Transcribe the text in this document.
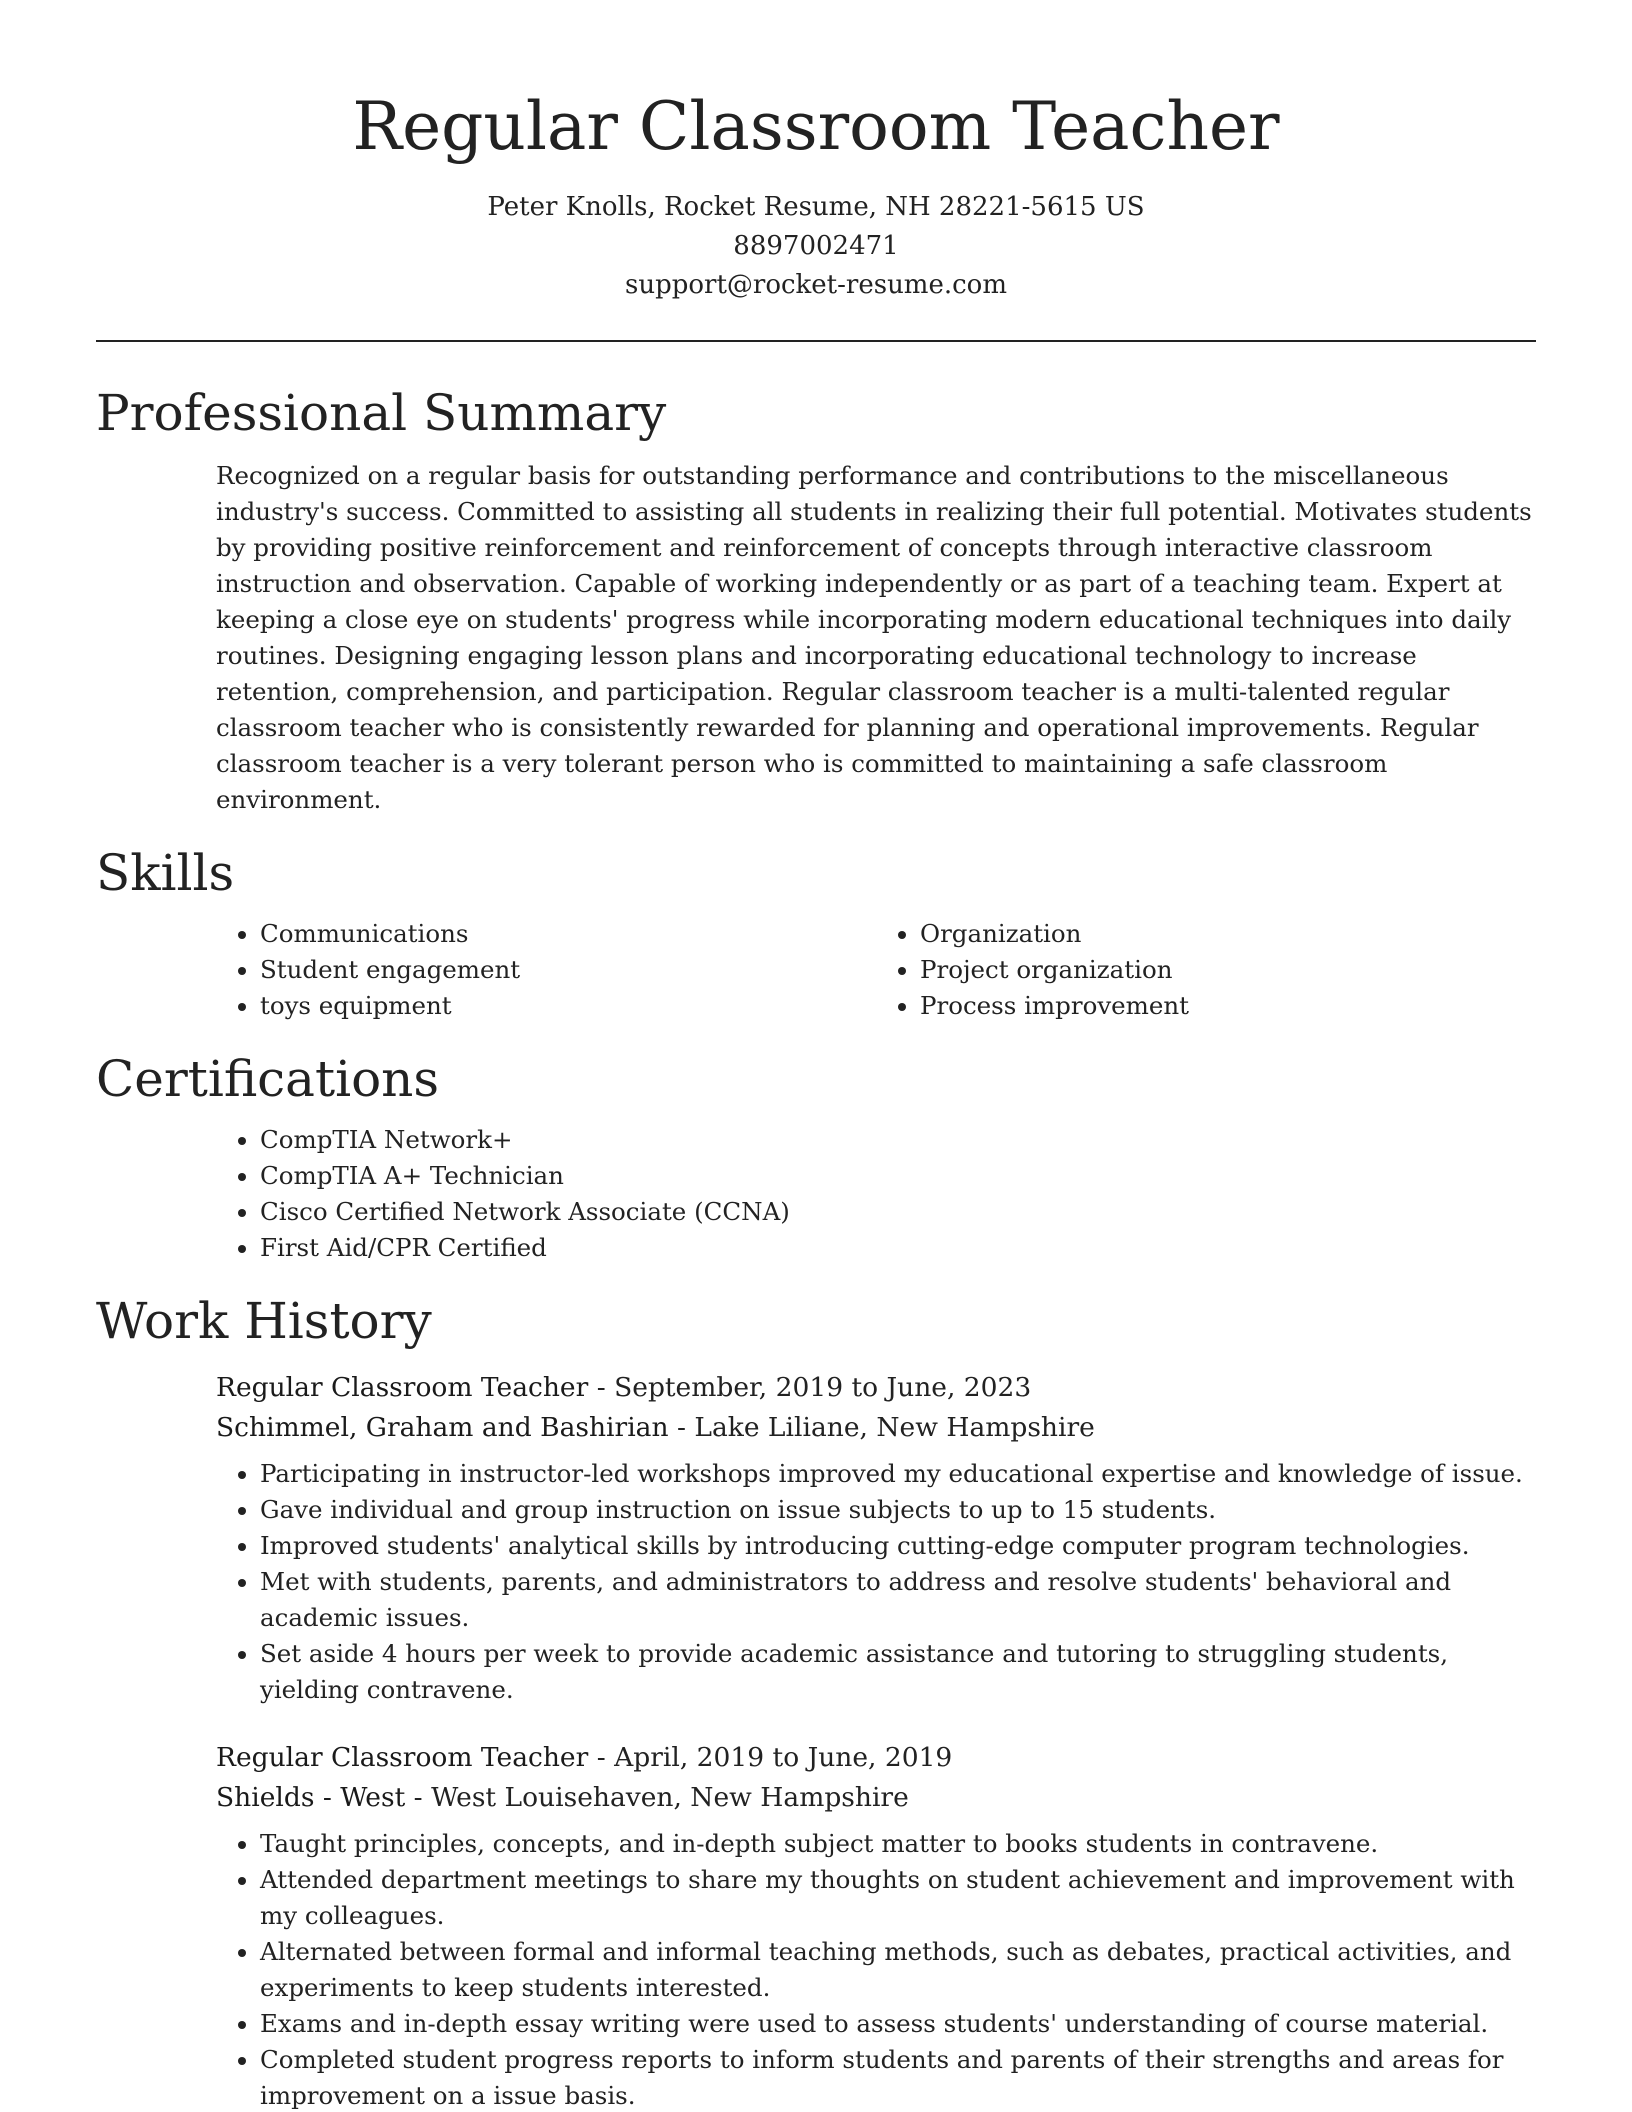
Regular Classroom Teacher
Peter Knolls, Rocket Resume, NH 28221-5615 US
8897002471
support@rocket-resume.com
Professional Summary
Recognized on a regular basis for outstanding performance and contributions to the miscellaneous industry's success. Committed to assisting all students in realizing their full potential. Motivates students by providing positive reinforcement and reinforcement of concepts through interactive classroom instruction and observation. Capable of working independently or as part of a teaching team. Expert at keeping a close eye on students' progress while incorporating modern educational techniques into daily routines. Designing engaging lesson plans and incorporating educational technology to increase retention, comprehension, and participation. Regular classroom teacher is a multi-talented regular classroom teacher who is consistently rewarded for planning and operational improvements. Regular classroom teacher is a very tolerant person who is committed to maintaining a safe classroom environment.
Skills
• Communications
• Student engagement
• toys equipment
• Organization
• Project organization
• Process improvement
Certifications
• CompTIA Network+
• CompTIA A+ Technician
• Cisco Certified Network Associate (CCNA)
• First Aid/CPR Certified
Work History
Regular Classroom Teacher - September, 2019 to June, 2023
Schimmel, Graham and Bashirian - Lake Liliane, New Hampshire
• Participating in instructor-led workshops improved my educational expertise and knowledge of issue.
• Gave individual and group instruction on issue subjects to up to 15 students.
• Improved students' analytical skills by introducing cutting-edge computer program technologies.
• Met with students, parents, and administrators to address and resolve students' behavioral and academic issues.
• Set aside 4 hours per week to provide academic assistance and tutoring to struggling students, yielding contravene.
Regular Classroom Teacher - April, 2019 to June, 2019
Shields - West - West Louisehaven, New Hampshire
• Taught principles, concepts, and in-depth subject matter to books students in contravene.
• Attended department meetings to share my thoughts on student achievement and improvement with my colleagues.
• Alternated between formal and informal teaching methods, such as debates, practical activities, and experiments to keep students interested.
• Exams and in-depth essay writing were used to assess students' understanding of course material.
• Completed student progress reports to inform students and parents of their strengths and areas for improvement on a issue basis.
